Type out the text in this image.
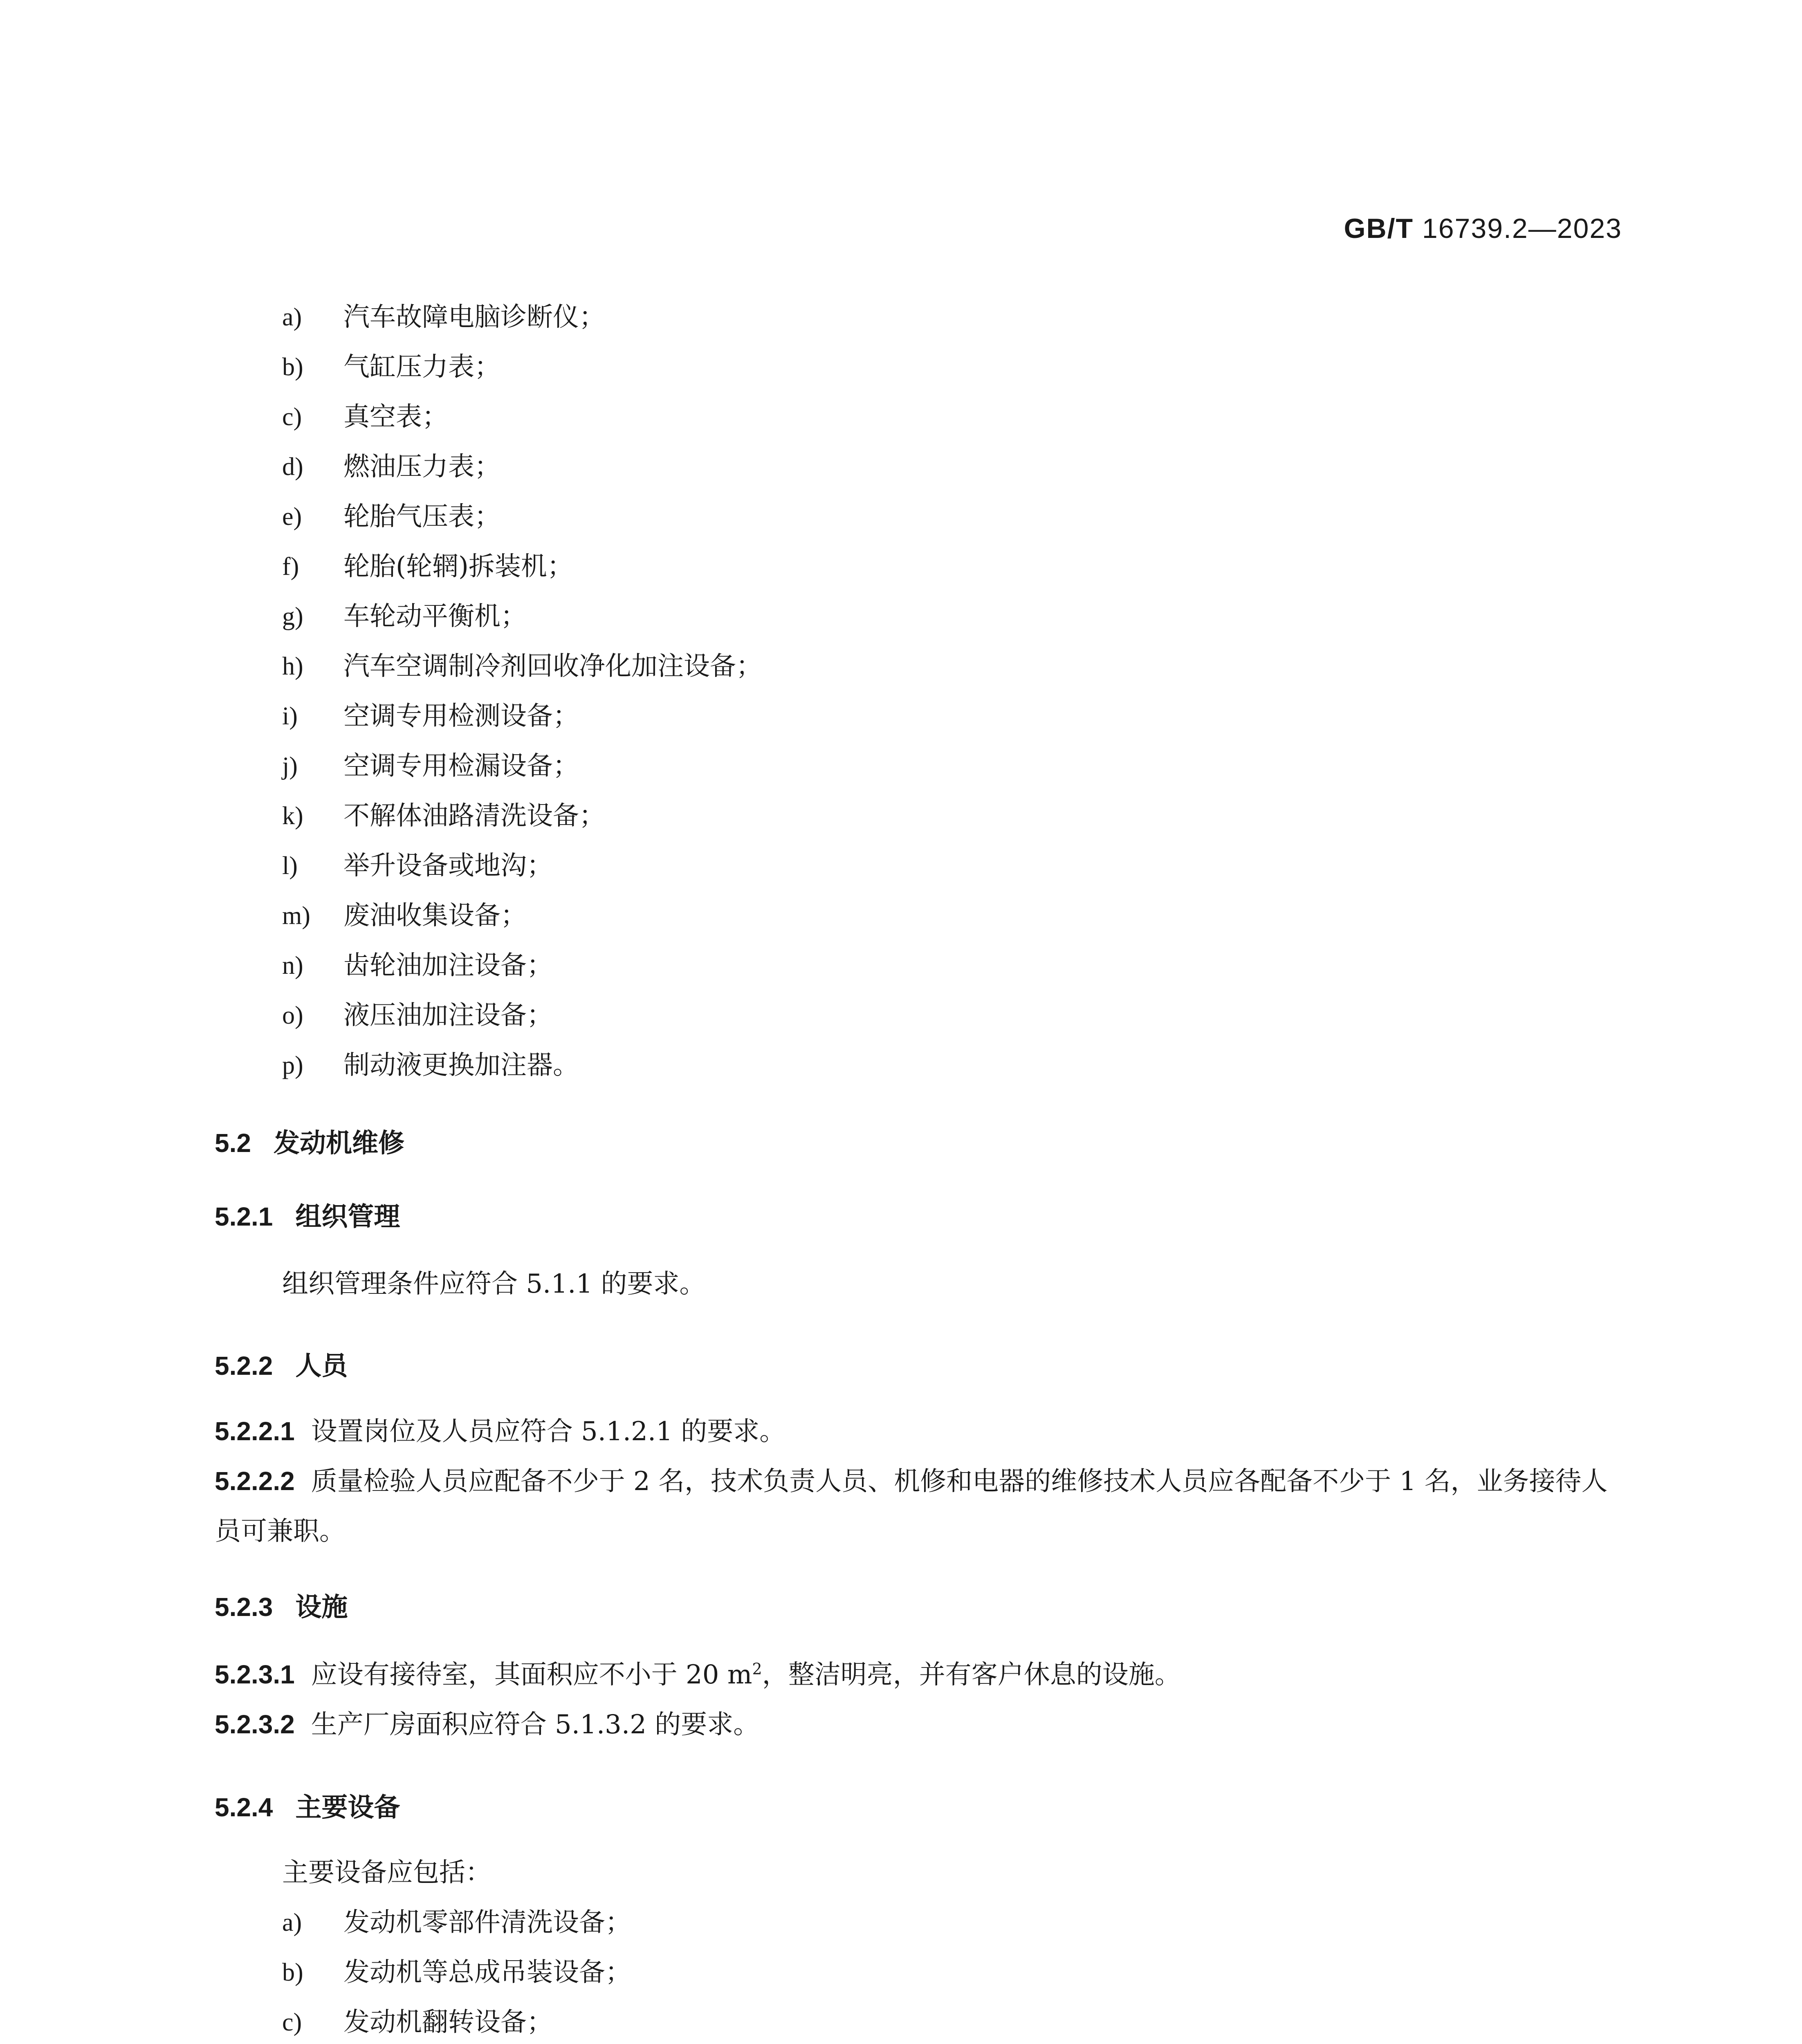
GB/T 16739.2—2023
a)	汽车故障电脑诊断仪；
b)	气缸压力表；
c)	真空表；
d)	燃油压力表；
e)	轮胎气压表；
f)	轮胎(轮辋)拆装机；
g)	车轮动平衡机；
h)	汽车空调制冷剂回收净化加注设备；
i)	空调专用检测设备；
j)	空调专用检漏设备；
k)	不解体油路清洗设备；
l)	举升设备或地沟；
m)	废油收集设备；
n)	齿轮油加注设备；
o)	液压油加注设备；
p)	制动液更换加注器。
5.2 发动机维修
5.2.1 组织管理
组织管理条件应符合 5.1.1 的要求。
5.2.2 人员
5.2.2.1 设置岗位及人员应符合 5.1.2.1 的要求。
5.2.2.2 质量检验人员应配备不少于 2 名，技术负责人员、机修和电器的维修技术人员应各配备不少于 1 名，业务接待人员可兼职。
5.2.3 设施
5.2.3.1 应设有接待室，其面积应不小于 20 $m^2$，整洁明亮，并有客户休息的设施。
5.2.3.2 生产厂房面积应符合 5.1.3.2 的要求。
5.2.4 主要设备
主要设备应包括：
a)	发动机零部件清洗设备；
b)	发动机等总成吊装设备；
c)	发动机翻转设备；
